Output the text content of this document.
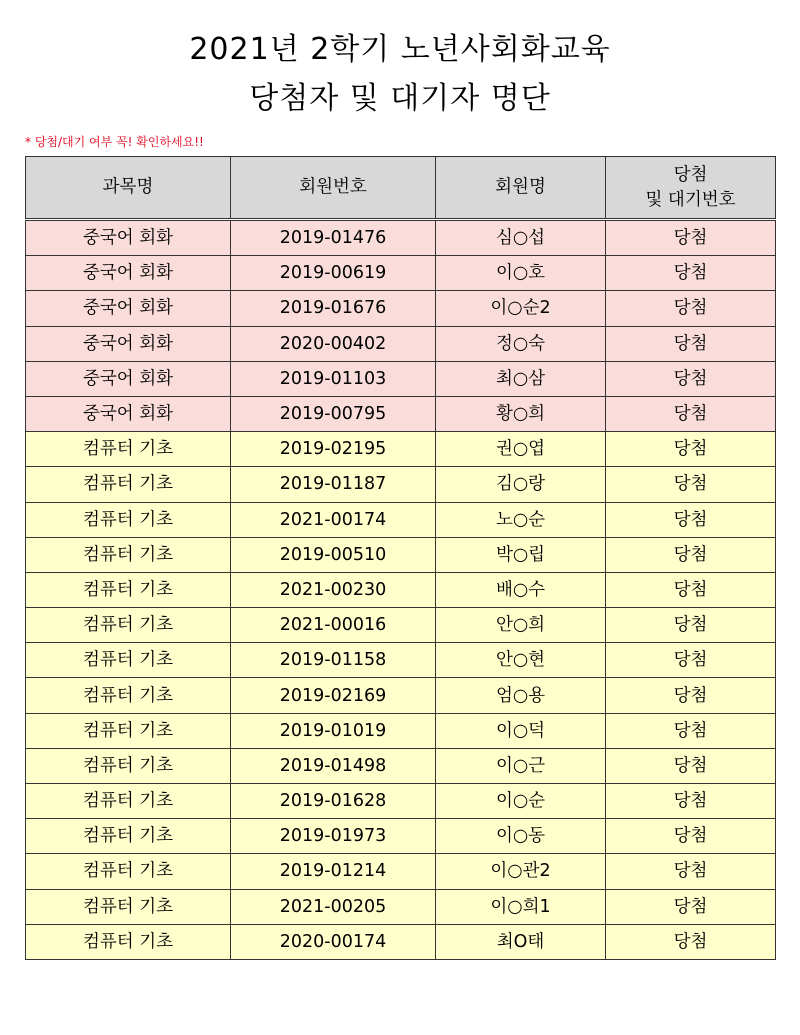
2021년 2학기 노년사회화교육
당첨자 및 대기자 명단
* 당첨/대기 여부 꼭! 확인하세요!!
과목명	회원번호	회원명	당첨
및 대기번호
중국어 회화	2019-01476	심○섭	당첨
중국어 회화	2019-00619	이○호	당첨
중국어 회화	2019-01676	이○순2	당첨
중국어 회화	2020-00402	정○숙	당첨
중국어 회화	2019-01103	최○삼	당첨
중국어 회화	2019-00795	황○희	당첨
컴퓨터 기초	2019-02195	권○엽	당첨
컴퓨터 기초	2019-01187	김○랑	당첨
컴퓨터 기초	2021-00174	노○순	당첨
컴퓨터 기초	2019-00510	박○립	당첨
컴퓨터 기초	2021-00230	배○수	당첨
컴퓨터 기초	2021-00016	안○희	당첨
컴퓨터 기초	2019-01158	안○현	당첨
컴퓨터 기초	2019-02169	엄○용	당첨
컴퓨터 기초	2019-01019	이○덕	당첨
컴퓨터 기초	2019-01498	이○근	당첨
컴퓨터 기초	2019-01628	이○순	당첨
컴퓨터 기초	2019-01973	이○동	당첨
컴퓨터 기초	2019-01214	이○관2	당첨
컴퓨터 기초	2021-00205	이○희1	당첨
컴퓨터 기초	2020-00174	최O태	당첨
